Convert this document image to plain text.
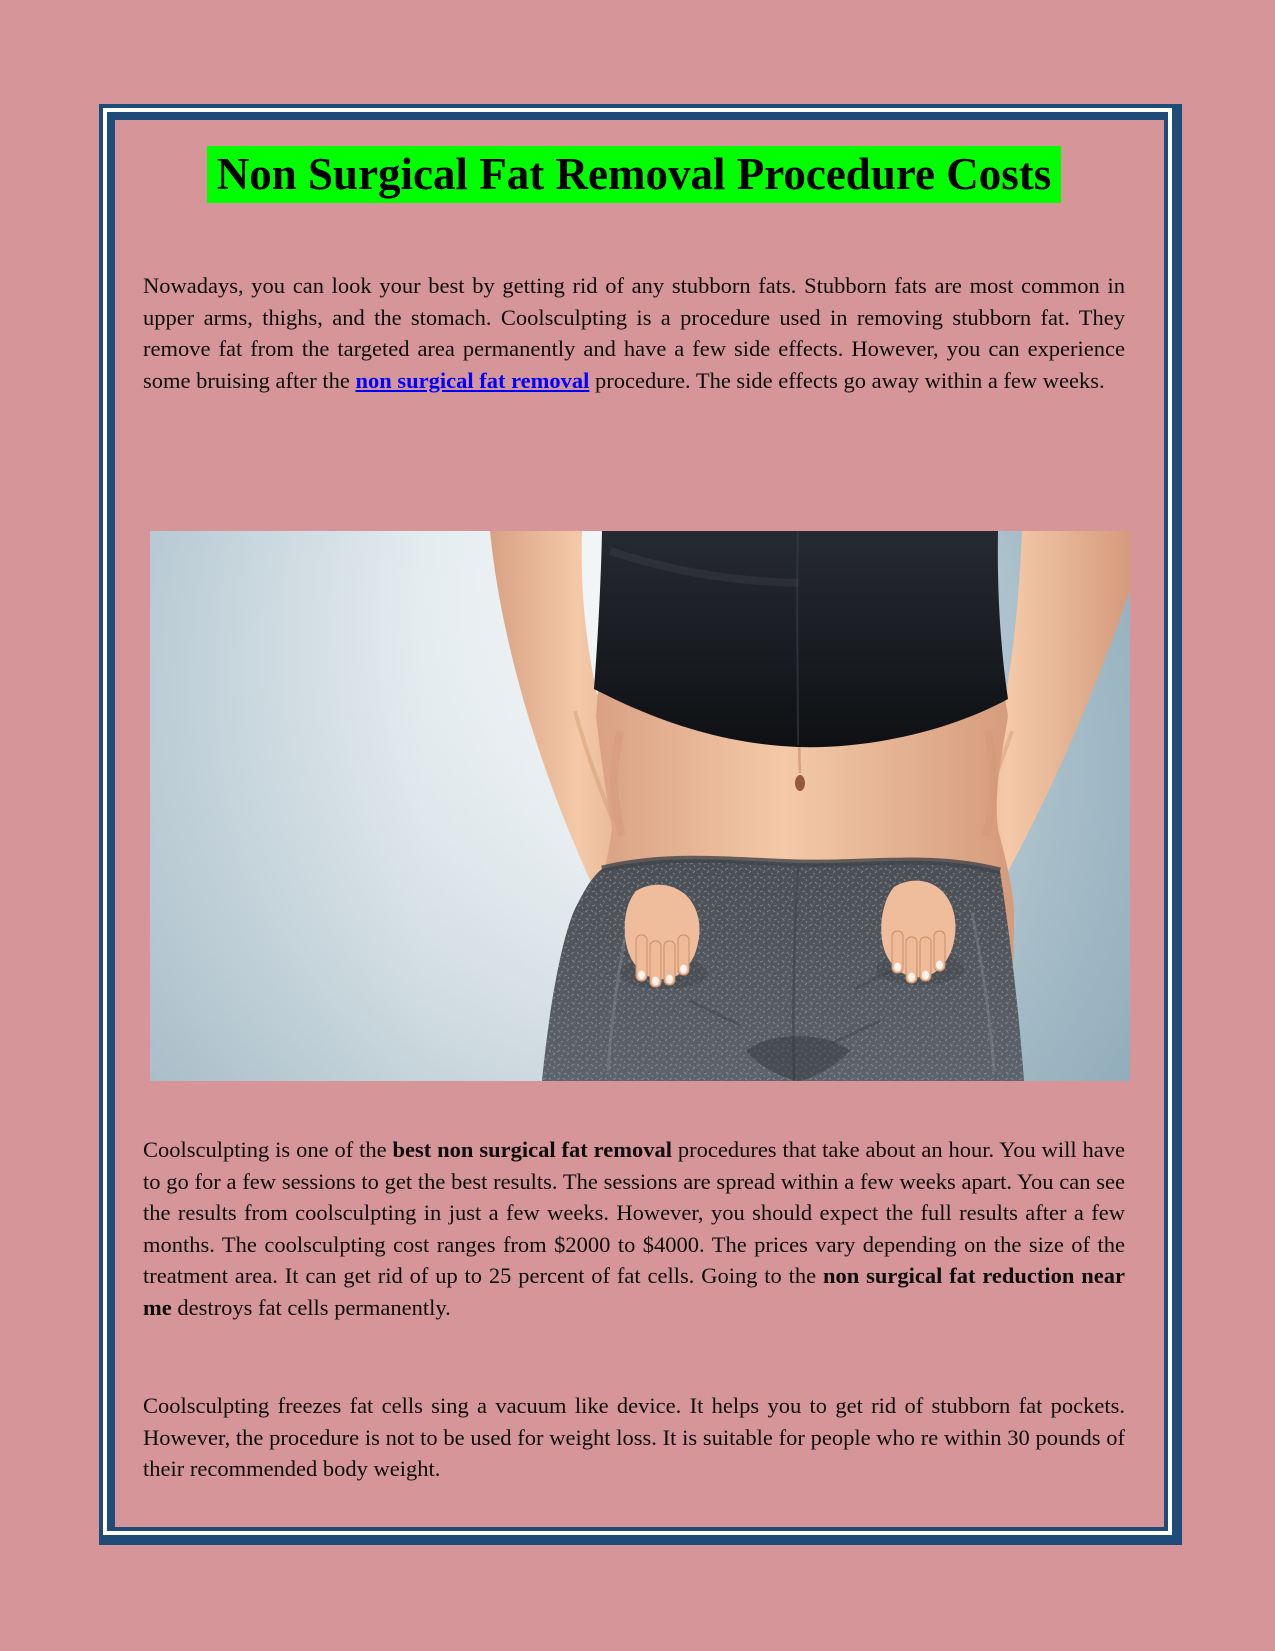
Non Surgical Fat Removal Procedure Costs

Nowadays, you can look your best by getting rid of any stubborn fats. Stubborn fats are most common in upper arms, thighs, and the stomach. Coolsculpting is a procedure used in removing stubborn fat. They remove fat from the targeted area permanently and have a few side effects. However, you can experience some bruising after the non surgical fat removal procedure. The side effects go away within a few weeks.

Coolsculpting is one of the best non surgical fat removal procedures that take about an hour. You will have to go for a few sessions to get the best results. The sessions are spread within a few weeks apart. You can see the results from coolsculpting in just a few weeks. However, you should expect the full results after a few months. The coolsculpting cost ranges from $2000 to $4000. The prices vary depending on the size of the treatment area. It can get rid of up to 25 percent of fat cells. Going to the non surgical fat reduction near me destroys fat cells permanently.

Coolsculpting freezes fat cells sing a vacuum like device. It helps you to get rid of stubborn fat pockets. However, the procedure is not to be used for weight loss. It is suitable for people who re within 30 pounds of their recommended body weight.
